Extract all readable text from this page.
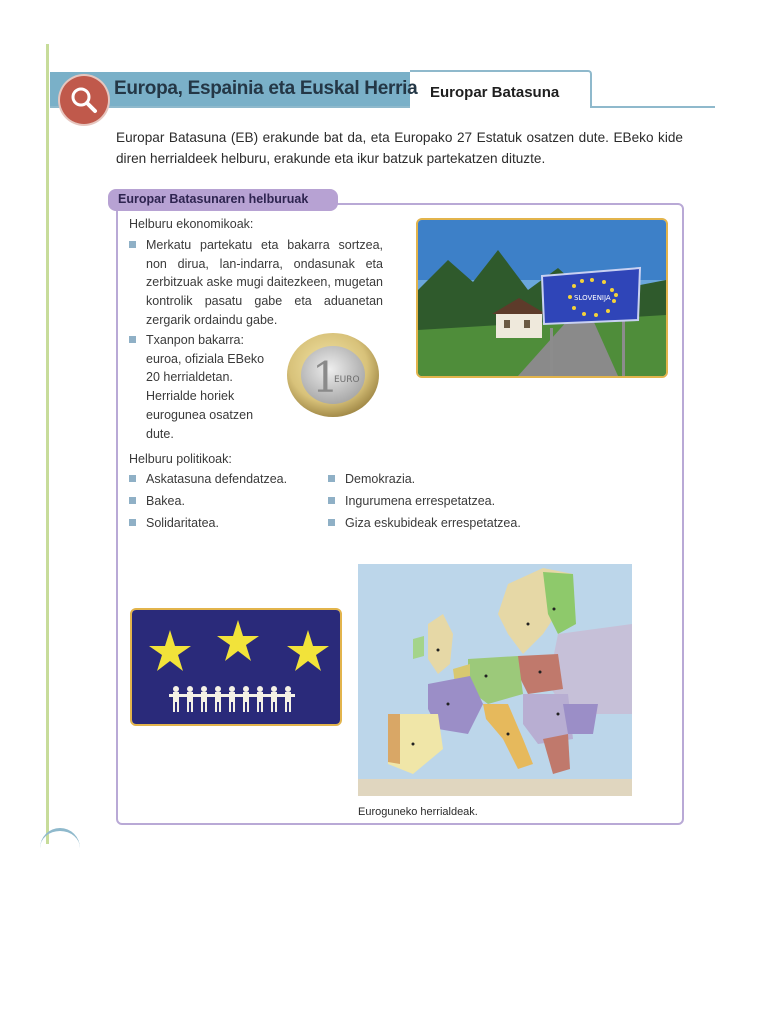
Europa, Espainia eta Euskal Herria Europar Batasuna

Europar Batasuna (EB) erakunde bat da, eta Europako 27 Estatuk osatzen dute. EBeko kide diren herrialdeek helburu, erakunde eta ikur batzuk partekatzen dituzte.

Europar Batasunaren helburuak
Helburu ekonomikoak:
Merkatu partekatu eta bakarra sortzea, non dirua, lan-indarra, ondasunak eta zerbitzuak aske mugi daitezkeen, mugetan kontrolik pasatu gabe eta aduanetan zergarik ordaindu gabe.
Txanpon bakarra: euroa, ofiziala EBeko 20 herrialdetan. Herrialde horiek eurogunea osatzen dute.
1
EURO
SLOVENIJA
Helburu politikoak:
Askatasuna defendatzea.
Bakea.
Solidaritatea.
Demokrazia.
Ingurumena errespetatzea.
Giza eskubideak errespetatzea.
Euroguneko herrialdeak.
